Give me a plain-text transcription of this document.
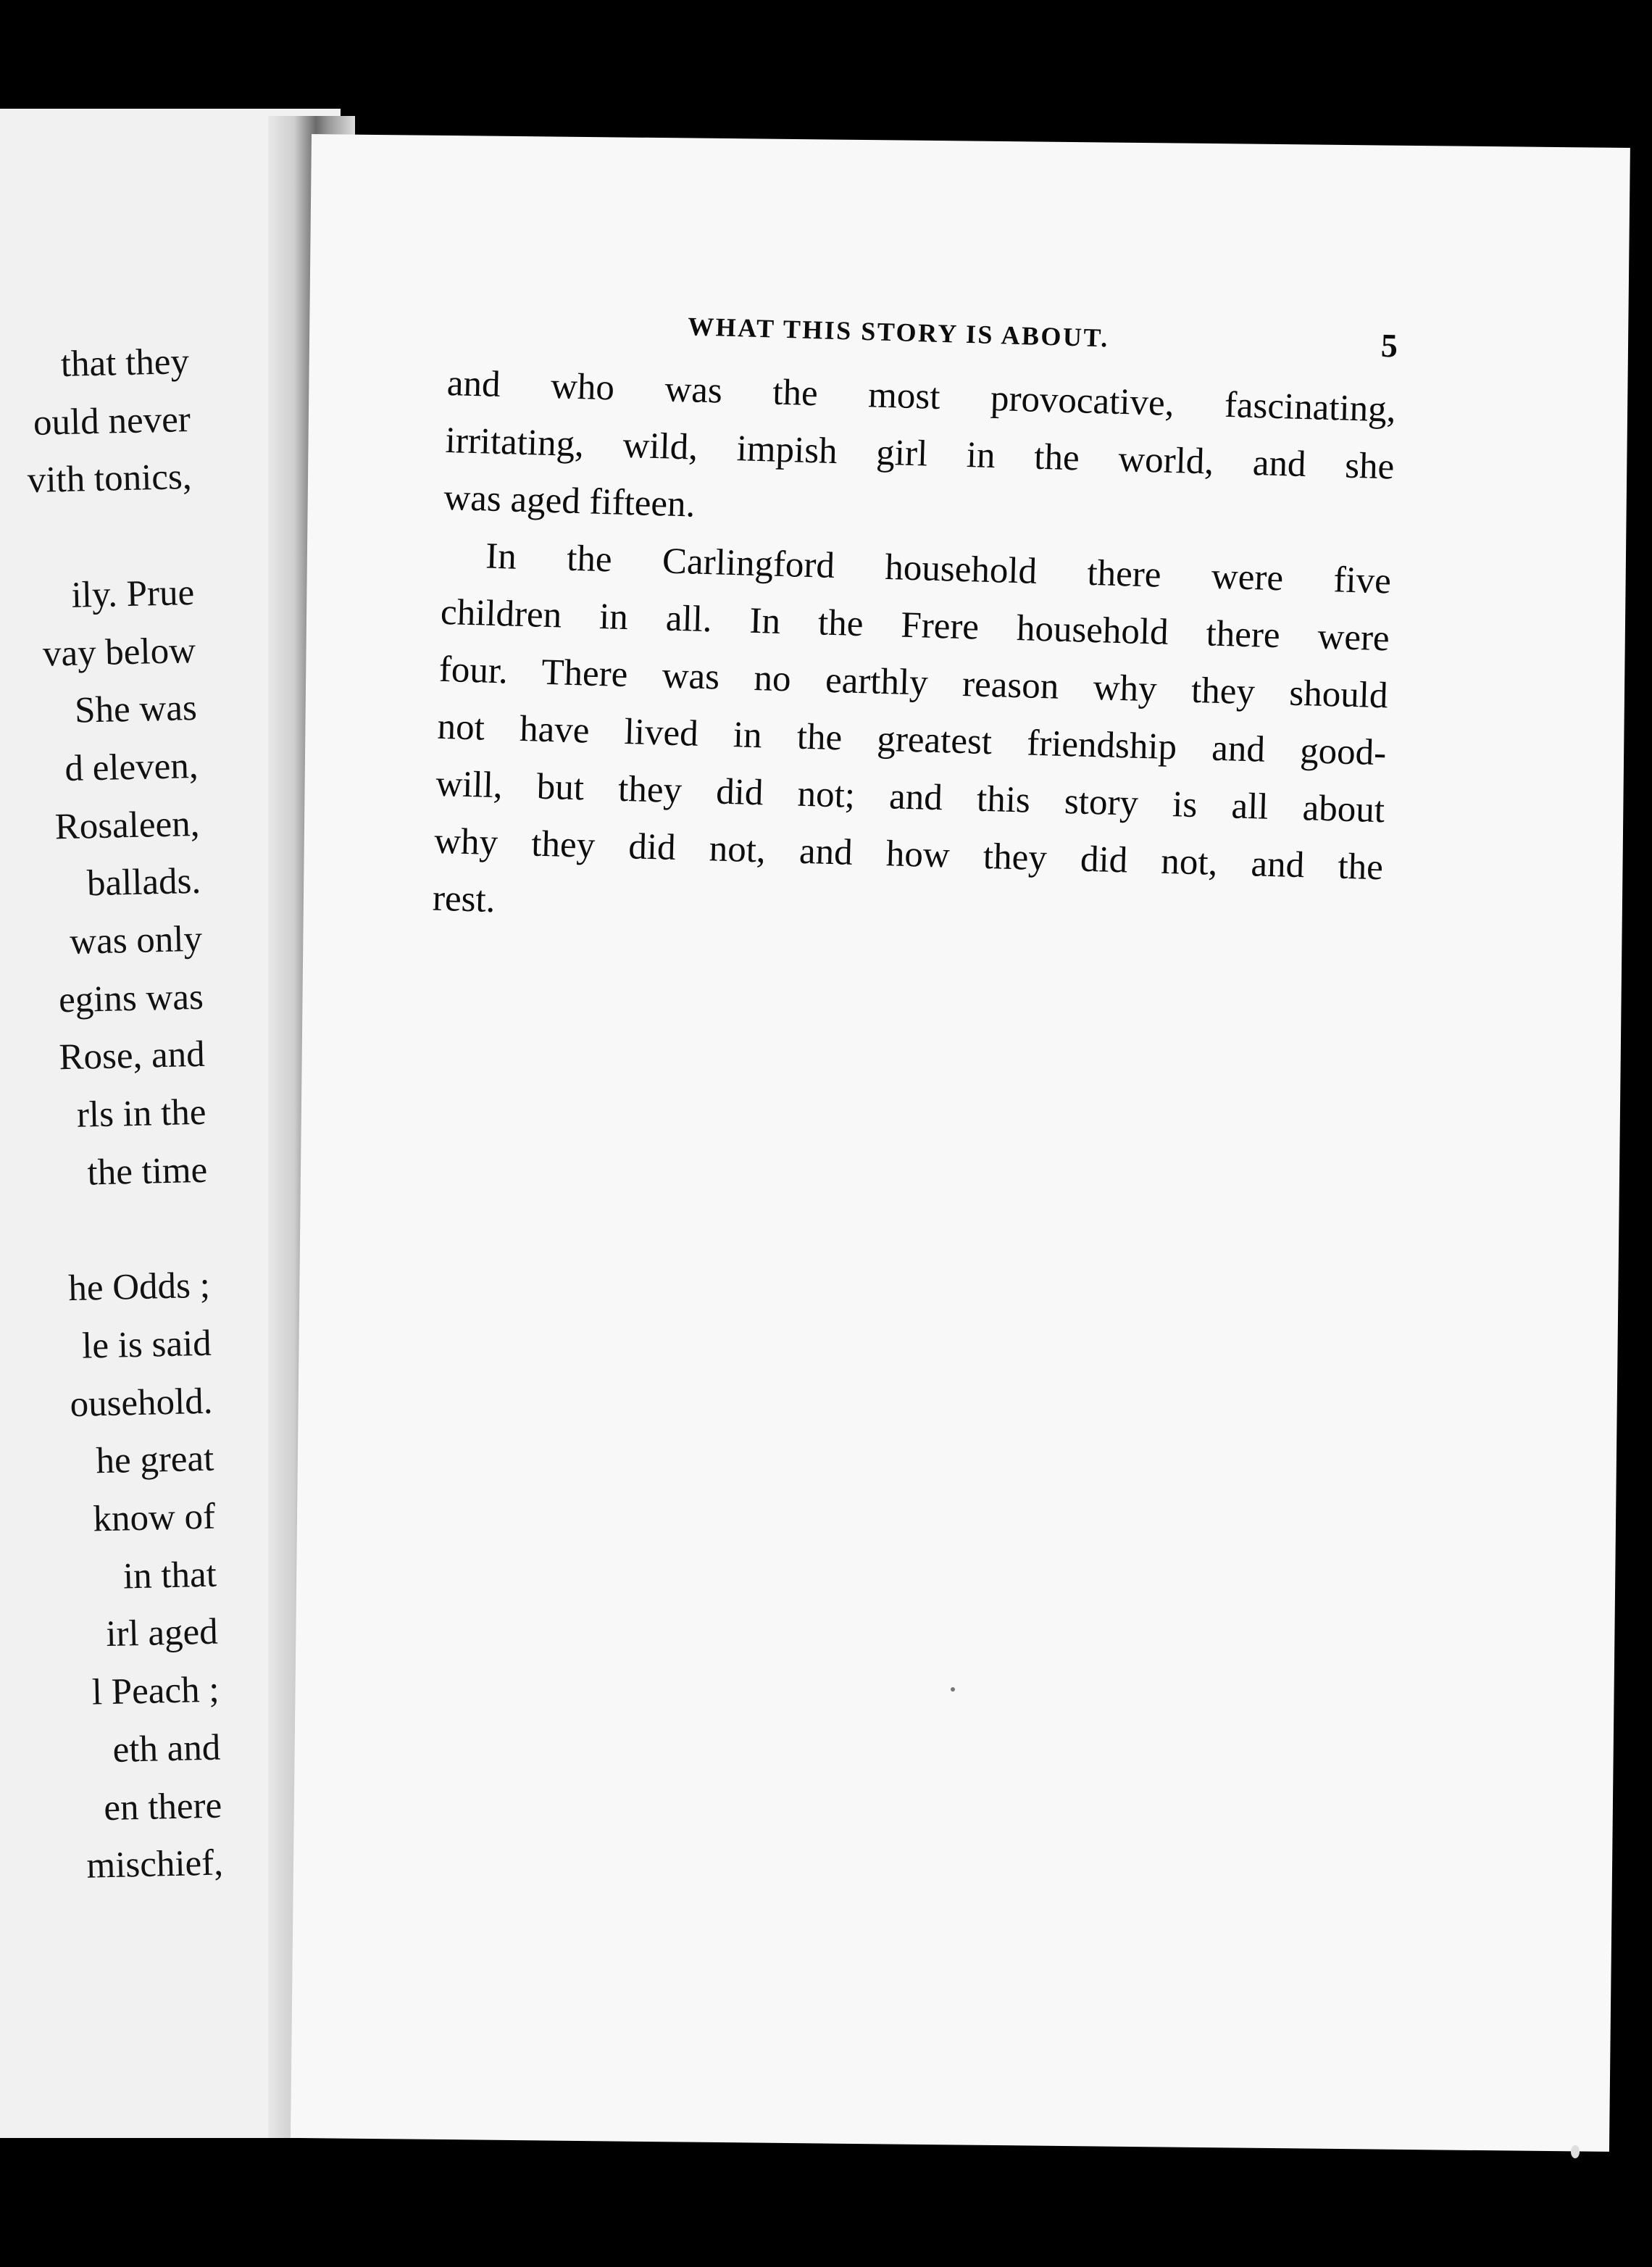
that they
ould never
vith tonics,

ily. Prue
vay below
She was
d eleven,
Rosaleen,
ballads.
was only
egins was
Rose, and
rls in the
the time

he Odds ;
le is said
ousehold.
he great
know of
in that
irl aged
l Peach ;
eth and
en there
mischief,
WHAT THIS STORY IS ABOUT.	5

and who was the most provocative, fascinating,
irritating, wild, impish girl in the world, and she
was aged fifteen.

In the Carlingford household there were five
children in all. In the Frere household there were
four. There was no earthly reason why they should
not have lived in the greatest friendship and good-
will, but they did not; and this story is all about
why they did not, and how they did not, and the
rest.
